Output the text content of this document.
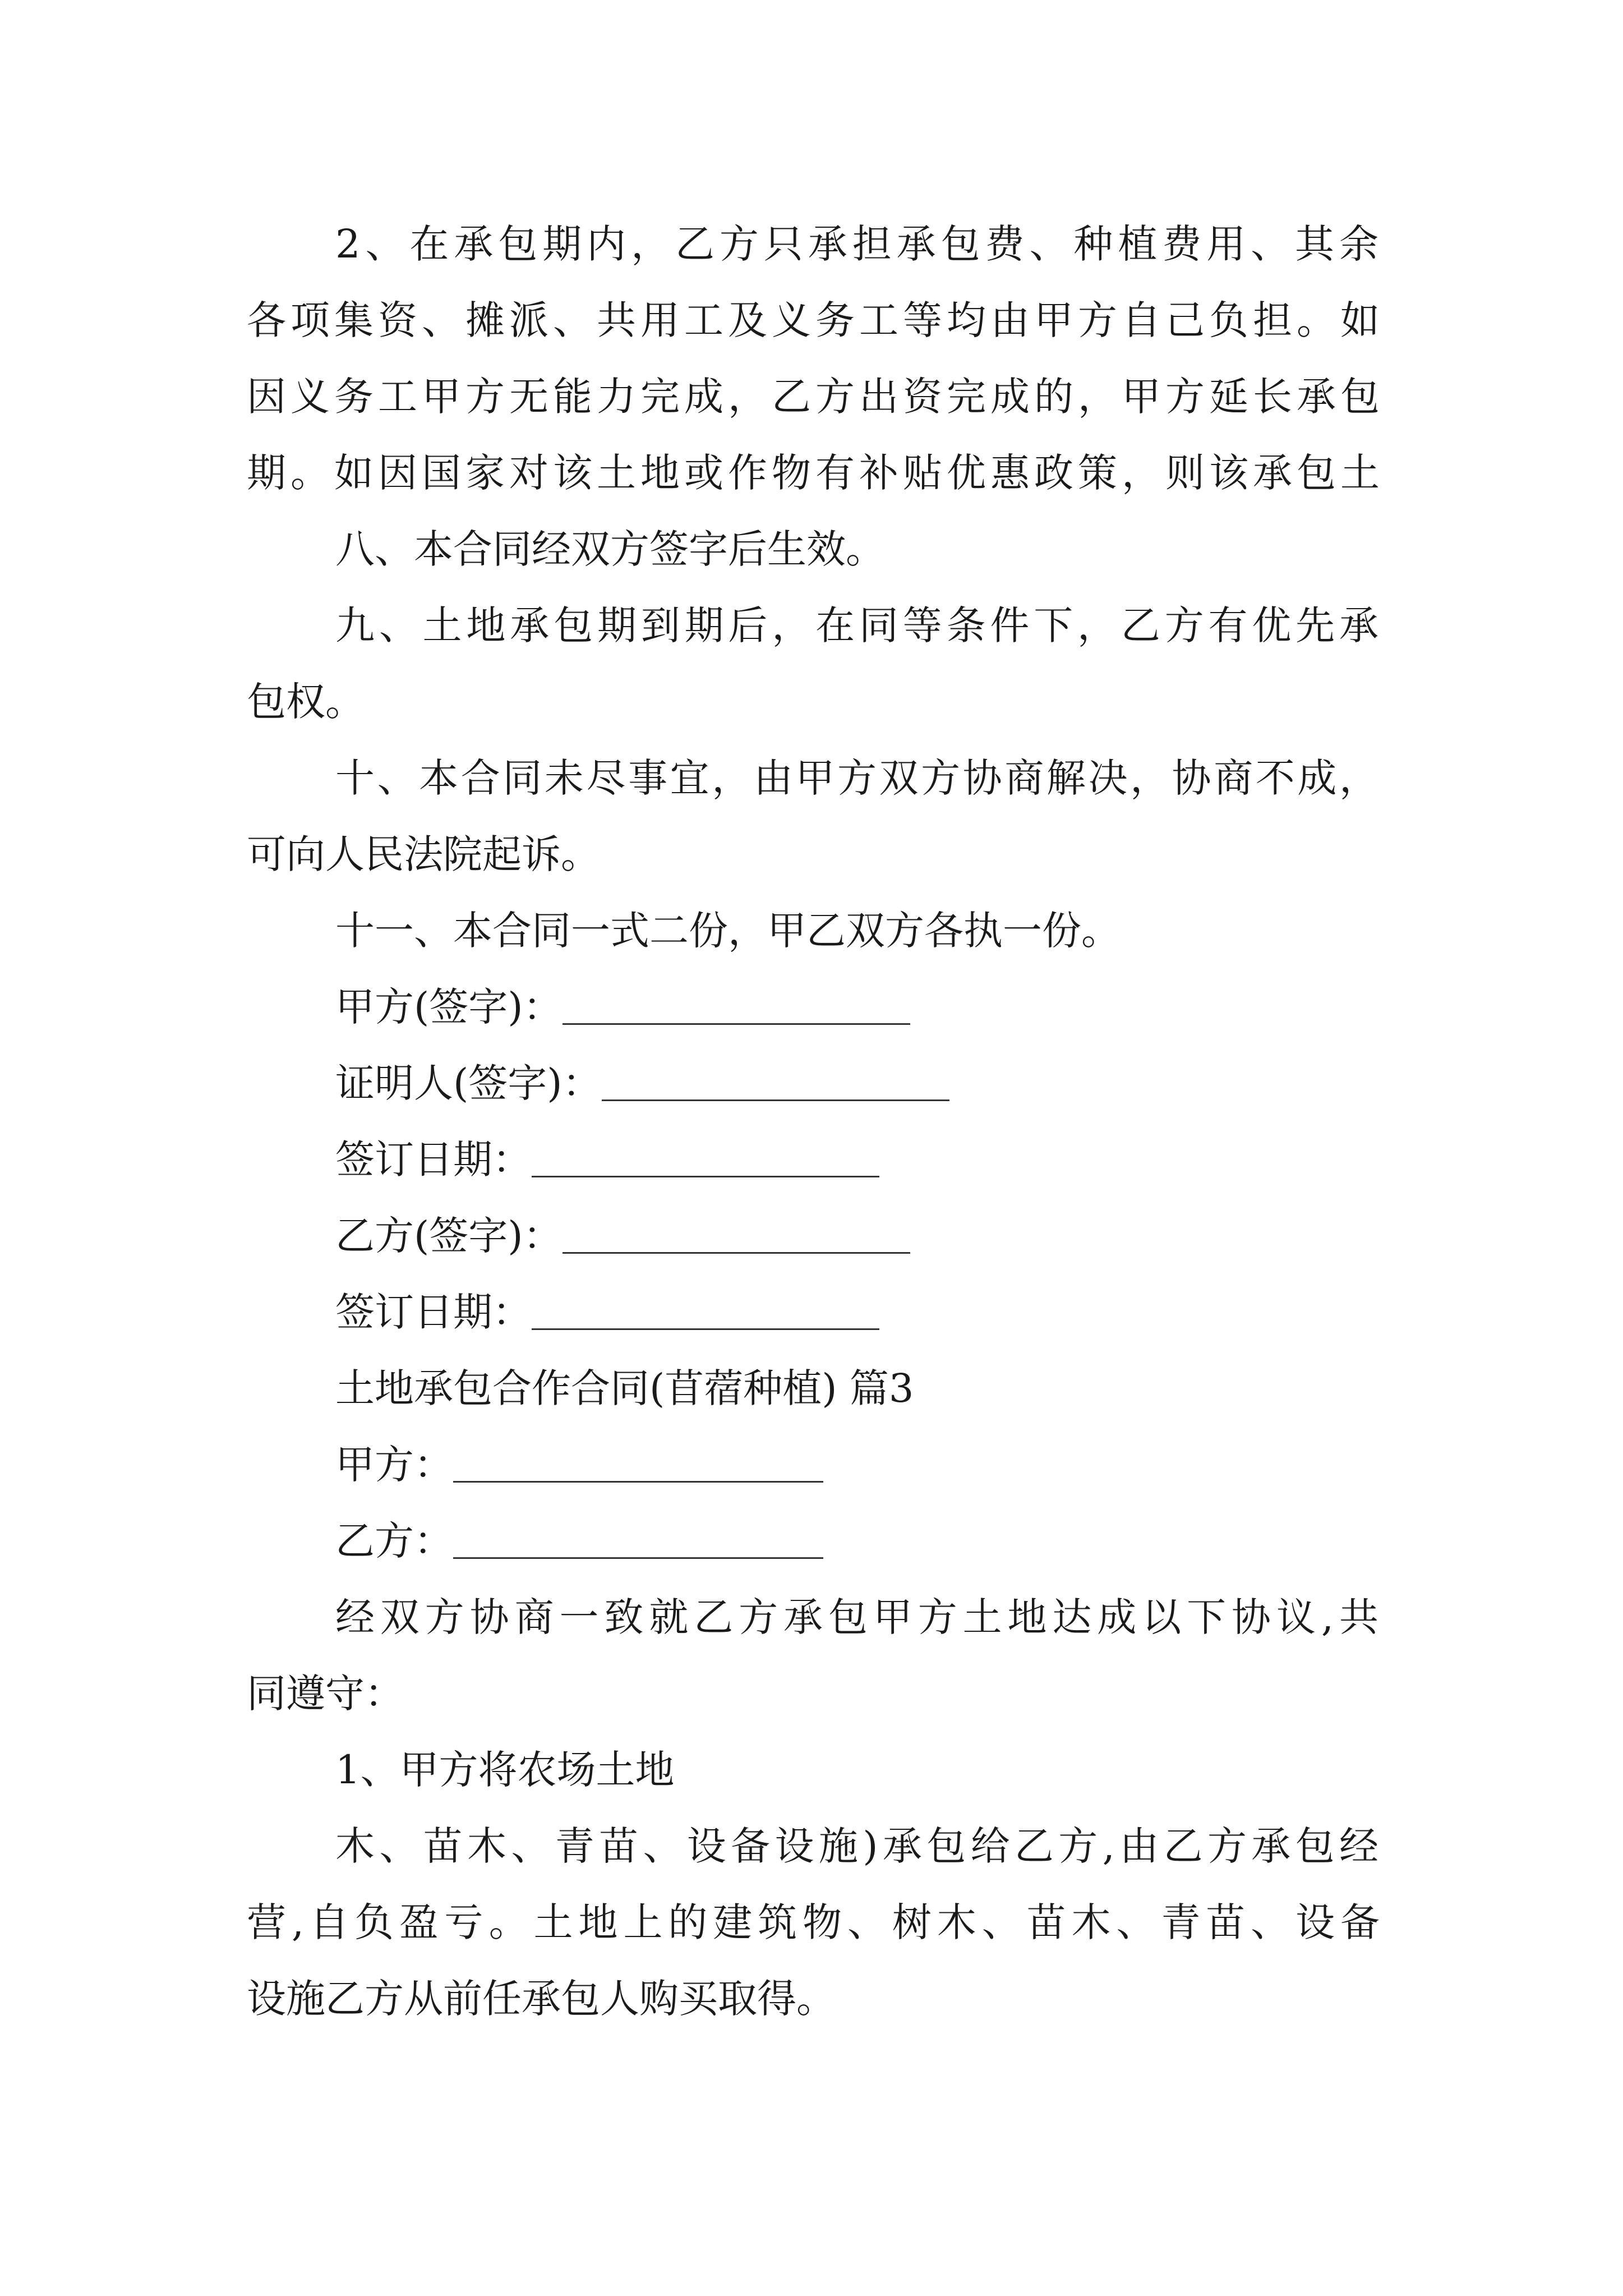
2、在承包期内，乙方只承担承包费、种植费用、其余
各项集资、摊派、共用工及义务工等均由甲方自己负担。如
因义务工甲方无能力完成，乙方出资完成的，甲方延长承包
期。如因国家对该土地或作物有补贴优惠政策，则该承包土
八、本合同经双方签字后生效。
九、土地承包期到期后，在同等条件下，乙方有优先承
包权。
十、本合同未尽事宜，由甲方双方协商解决，协商不成，
可向人民法院起诉。
十一、本合同一式二份，甲乙双方各执一份。
甲方(签字)：
证明人(签字)：
签订日期：
乙方(签字)：
签订日期：
土地承包合作合同(苜蓿种植) 篇3
甲方：
乙方：
经双方协商一致就乙方承包甲方土地达成以下协议,共
同遵守：
1、甲方将农场土地
木、苗木、青苗、设备设施)承包给乙方,由乙方承包经
营,自负盈亏。土地上的建筑物、树木、苗木、青苗、设备
设施乙方从前任承包人购买取得。
